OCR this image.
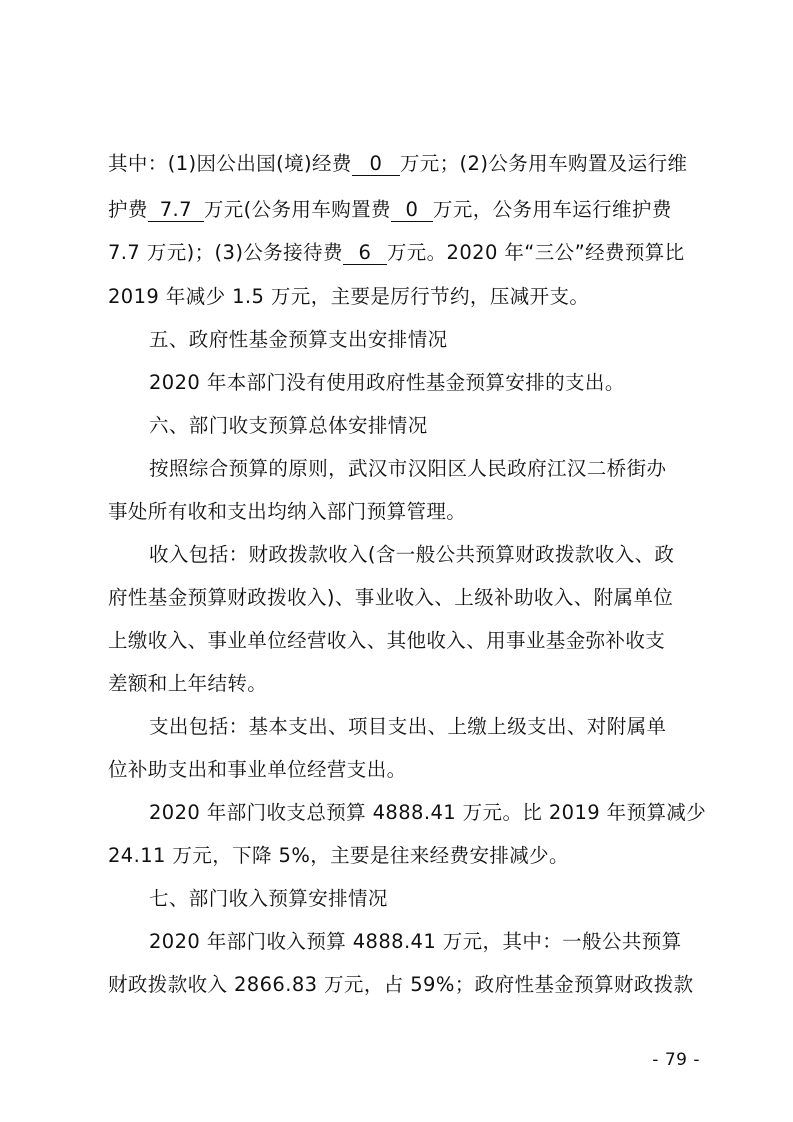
其中：(1)因公出国(境)经费 0 万元；(2)公务用车购置及运行维
护费 7.7 万元(公务用车购置费 0 万元，公务用车运行维护费
7.7 万元)；(3)公务接待费 6 万元。2020 年“三公”经费预算比
2019 年减少 1.5 万元，主要是厉行节约，压减开支。
五、政府性基金预算支出安排情况
2020 年本部门没有使用政府性基金预算安排的支出。
六、部门收支预算总体安排情况
按照综合预算的原则，武汉市汉阳区人民政府江汉二桥街办
事处所有收和支出均纳入部门预算管理。
收入包括：财政拨款收入(含一般公共预算财政拨款收入、政
府性基金预算财政拨收入)、事业收入、上级补助收入、附属单位
上缴收入、事业单位经营收入、其他收入、用事业基金弥补收支
差额和上年结转。
支出包括：基本支出、项目支出、上缴上级支出、对附属单
位补助支出和事业单位经营支出。
2020 年部门收支总预算 4888.41 万元。比 2019 年预算减少
24.11 万元，下降 5%，主要是往来经费安排减少。
七、部门收入预算安排情况
2020 年部门收入预算 4888.41 万元，其中：一般公共预算
财政拨款收入 2866.83 万元，占 59%；政府性基金预算财政拨款
- 79 -
